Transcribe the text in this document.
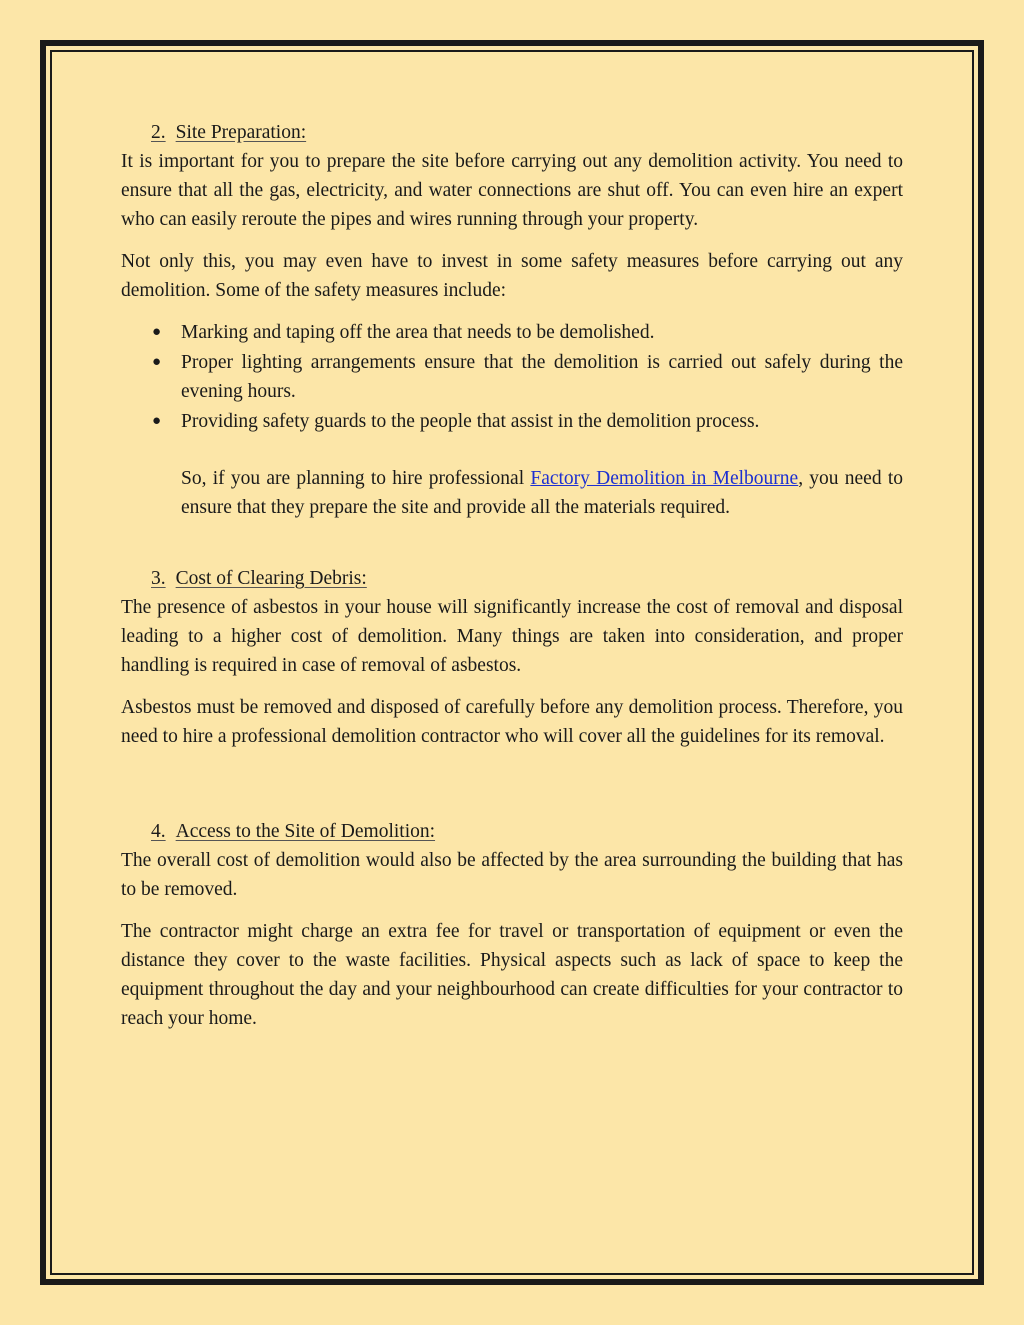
2. Site Preparation:

It is important for you to prepare the site before carrying out any demolition activity. You need to ensure that all the gas, electricity, and water connections are shut off. You can even hire an expert who can easily reroute the pipes and wires running through your property.

Not only this, you may even have to invest in some safety measures before carrying out any demolition. Some of the safety measures include:

● Marking and taping off the area that needs to be demolished.
● Proper lighting arrangements ensure that the demolition is carried out safely during the evening hours.
● Providing safety guards to the people that assist in the demolition process.

So, if you are planning to hire professional Factory Demolition in Melbourne, you need to ensure that they prepare the site and provide all the materials required.

3. Cost of Clearing Debris:

The presence of asbestos in your house will significantly increase the cost of removal and disposal leading to a higher cost of demolition. Many things are taken into consideration, and proper handling is required in case of removal of asbestos.

Asbestos must be removed and disposed of carefully before any demolition process. Therefore, you need to hire a professional demolition contractor who will cover all the guidelines for its removal.

4. Access to the Site of Demolition:

The overall cost of demolition would also be affected by the area surrounding the building that has to be removed.

The contractor might charge an extra fee for travel or transportation of equipment or even the distance they cover to the waste facilities. Physical aspects such as lack of space to keep the equipment throughout the day and your neighbourhood can create difficulties for your contractor to reach your home.
